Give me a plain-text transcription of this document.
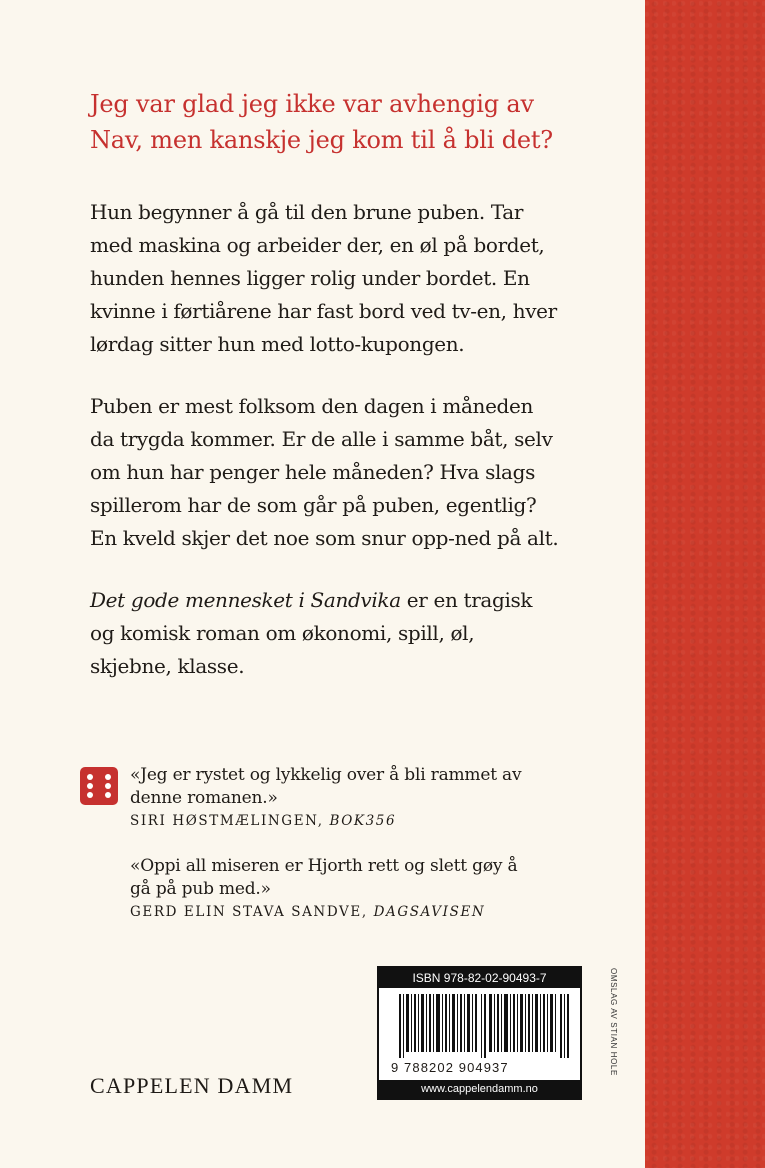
Jeg var glad jeg ikke var avhengig av Nav, men kanskje jeg kom til å bli det?

Hun begynner å gå til den brune puben. Tar med maskina og arbeider der, en øl på bordet, hunden hennes ligger rolig under bordet. En kvinne i førtiårene har fast bord ved tv-en, hver lørdag sitter hun med lotto-kupongen.

Puben er mest folksom den dagen i måneden da trygda kommer. Er de alle i samme båt, selv om hun har penger hele måneden? Hva slags spillerom har de som går på puben, egentlig? En kveld skjer det noe som snur opp-ned på alt.

Det gode mennesket i Sandvika er en tragisk og komisk roman om økonomi, spill, øl, skjebne, klasse.

«Jeg er rystet og lykkelig over å bli rammet av denne romanen.»
SIRI HØSTMÆLINGEN, BOK356
«Oppi all miseren er Hjorth rett og slett gøy å gå på pub med.»
GERD ELIN STAVA SANDVE, DAGSAVISEN
CAPPELEN DAMM
ISBN 978-82-02-90493-7
9 788202 904937
www.cappelendamm.no
OMSLAG AV STIAN HOLE
